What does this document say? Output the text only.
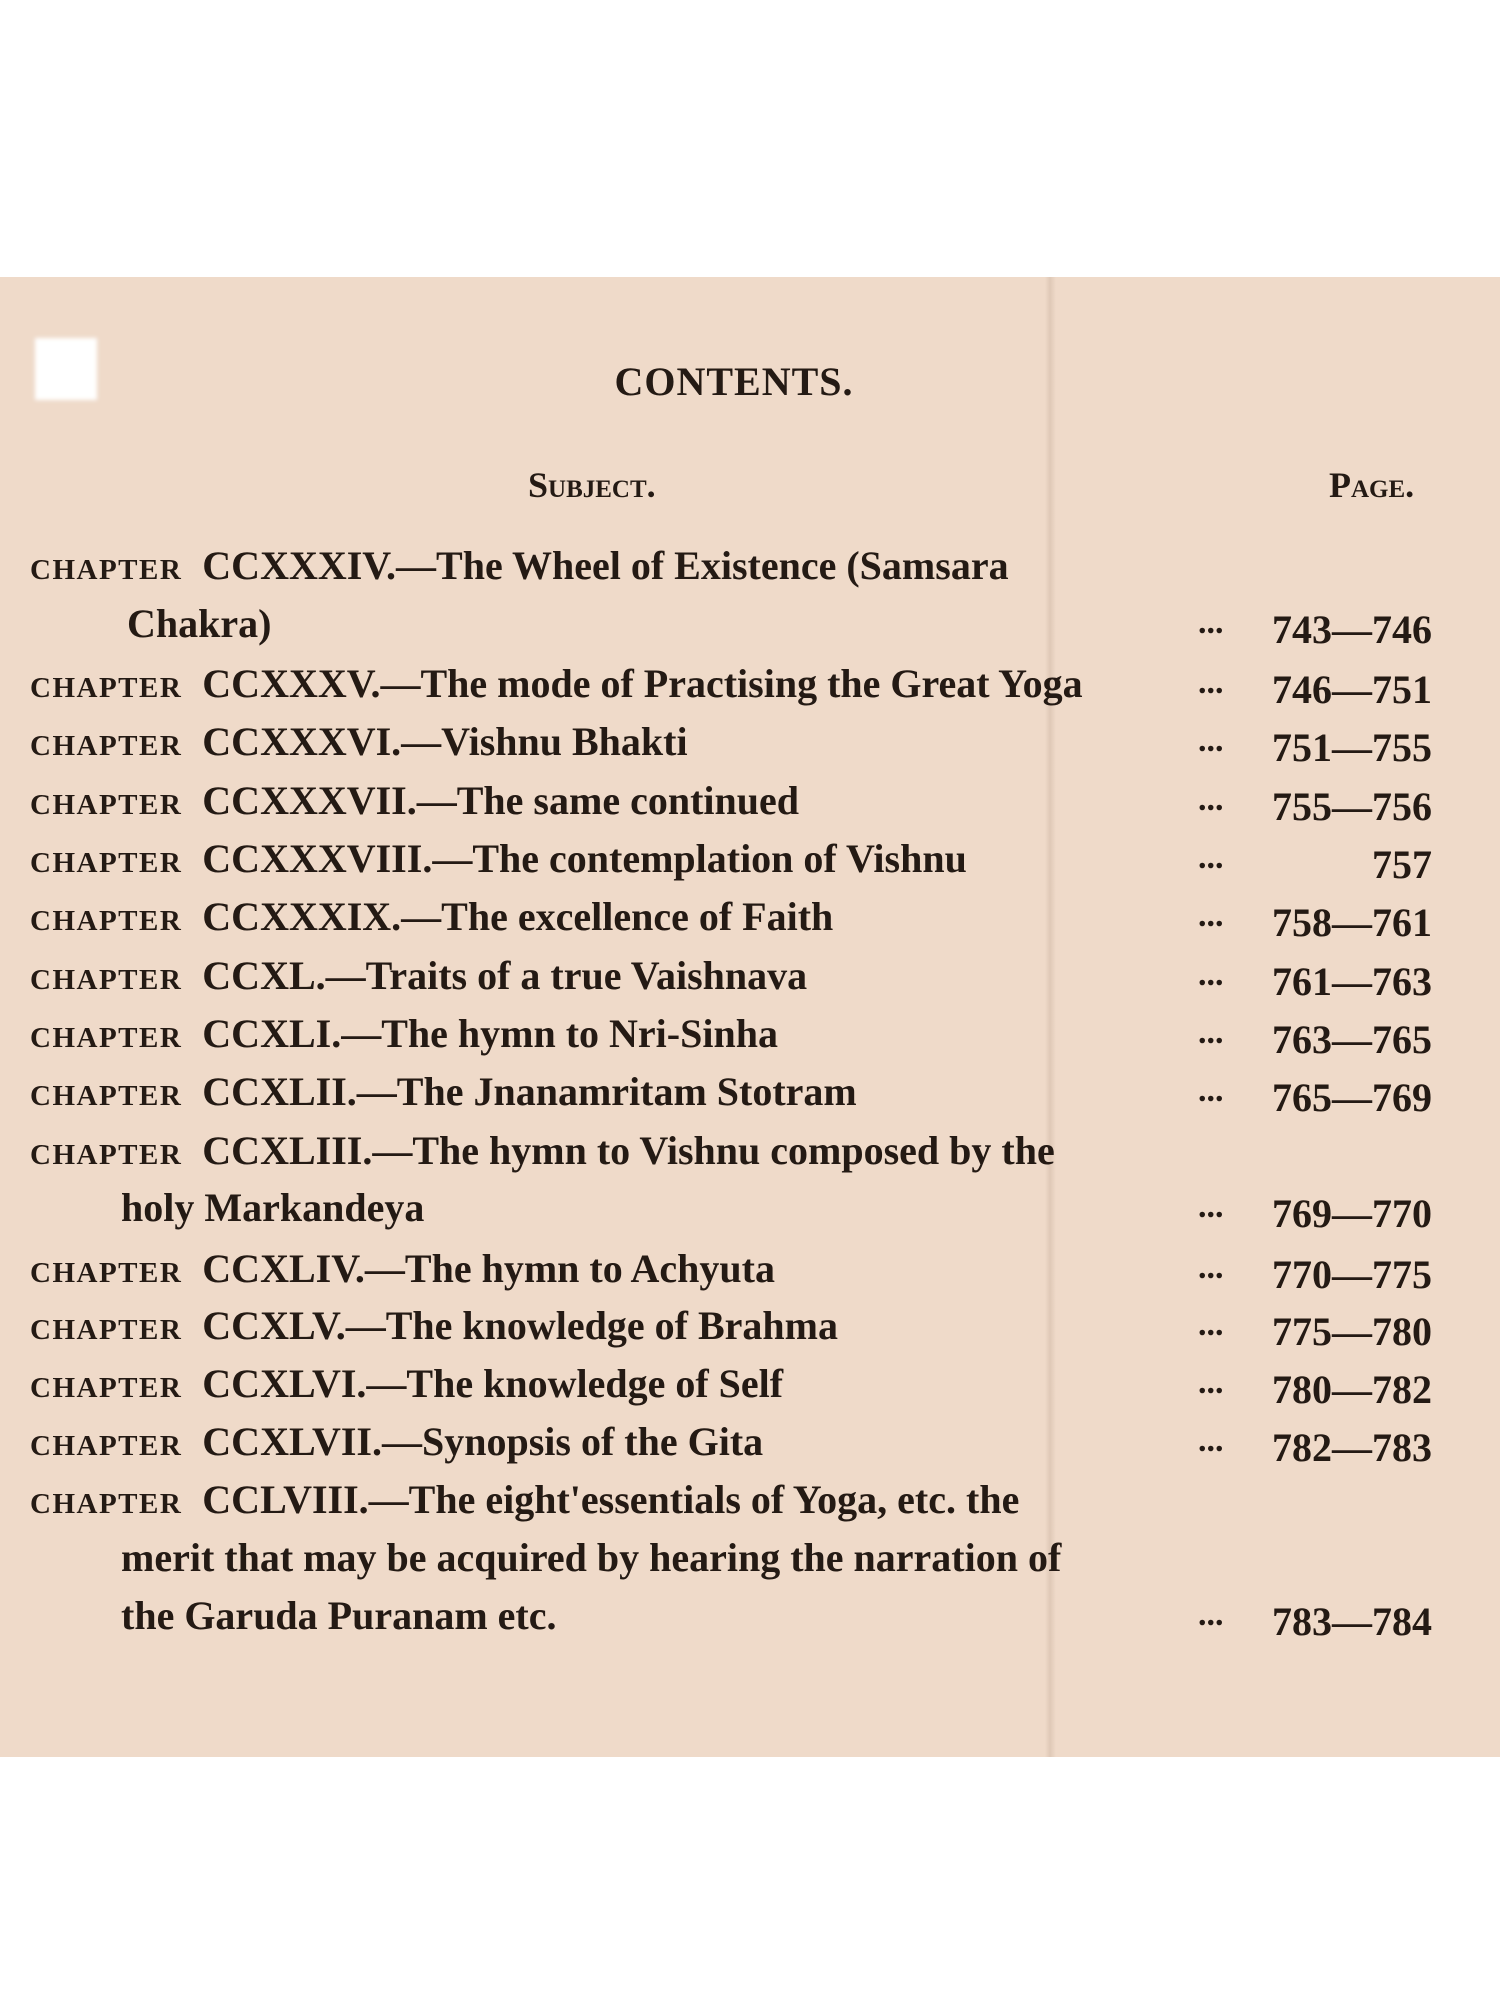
CONTENTS.
Subject.	Page.
CHAPTER CCXXXIV.—The Wheel of Existence (Samsara
Chakra)	...	743—746
CHAPTER CCXXXV.—The mode of Practising the Great Yoga	...	746—751
CHAPTER CCXXXVI.—Vishnu Bhakti	...	751—755
CHAPTER CCXXXVII.—The same continued	...	755—756
CHAPTER CCXXXVIII.—The contemplation of Vishnu	...	757
CHAPTER CCXXXIX.—The excellence of Faith	...	758—761
CHAPTER CCXL.—Traits of a true Vaishnava	...	761—763
CHAPTER CCXLI.—The hymn to Nri-Sinha	...	763—765
CHAPTER CCXLII.—The Jnanamritam Stotram	...	765—769
CHAPTER CCXLIII.—The hymn to Vishnu composed by the
holy Markandeya	...	769—770
CHAPTER CCXLIV.—The hymn to Achyuta	...	770—775
CHAPTER CCXLV.—The knowledge of Brahma	...	775—780
CHAPTER CCXLVI.—The knowledge of Self	...	780—782
CHAPTER CCXLVII.—Synopsis of the Gita	...	782—783
CHAPTER CCLVIII.—The eight'essentials of Yoga, etc. the
merit that may be acquired by hearing the narration of
the Garuda Puranam etc.	...	783—784
